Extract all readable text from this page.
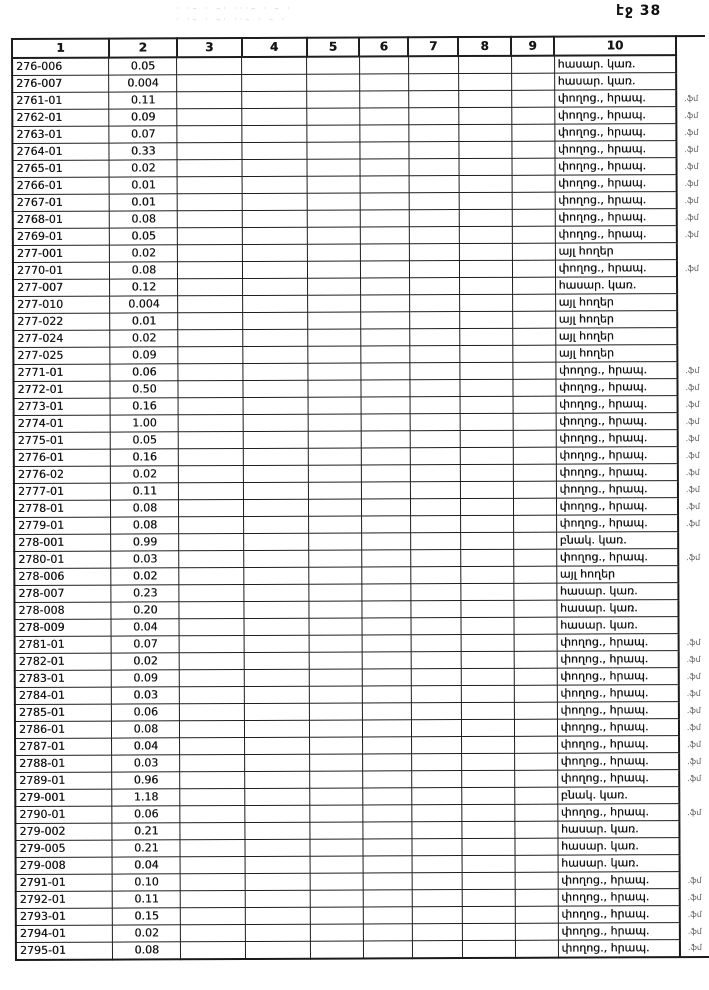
· ·– · –· ···– · – ·
· ·– · –· ··– · – ·
էջ 38
1	2	3	4	5	6	7	8	9	10	
276-006	0.05								հասար. կառ.	
276-007	0.004								հասար. կառ.	
2761-01	0.11								փողոց., հրապ.	.ֆմ
2762-01	0.09								փողոց., հրապ.	.ֆմ
2763-01	0.07								փողոց., հրապ.	.ֆմ
2764-01	0.33								փողոց., հրապ.	.ֆմ
2765-01	0.02								փողոց., հրապ.	.ֆմ
2766-01	0.01								փողոց., հրապ.	.ֆմ
2767-01	0.01								փողոց., հրապ.	.ֆմ
2768-01	0.08								փողոց., հրապ.	.ֆմ
2769-01	0.05								փողոց., հրապ.	.ֆմ
277-001	0.02								այլ հողեր	
2770-01	0.08								փողոց., հրապ.	.ֆմ
277-007	0.12								հասար. կառ.	
277-010	0.004								այլ հողեր	
277-022	0.01								այլ հողեր	
277-024	0.02								այլ հողեր	
277-025	0.09								այլ հողեր	
2771-01	0.06								փողոց., հրապ.	.ֆմ
2772-01	0.50								փողոց., հրապ.	.ֆմ
2773-01	0.16								փողոց., հրապ.	.ֆմ
2774-01	1.00								փողոց., հրապ.	.ֆմ
2775-01	0.05								փողոց., հրապ.	.ֆմ
2776-01	0.16								փողոց., հրապ.	.ֆմ
2776-02	0.02								փողոց., հրապ.	.ֆմ
2777-01	0.11								փողոց., հրապ.	.ֆմ
2778-01	0.08								փողոց., հրապ.	.ֆմ
2779-01	0.08								փողոց., հրապ.	.ֆմ
278-001	0.99								բնակ. կառ.	
2780-01	0.03								փողոց., հրապ.	.ֆմ
278-006	0.02								այլ հողեր	
278-007	0.23								հասար. կառ.	
278-008	0.20								հասար. կառ.	
278-009	0.04								հասար. կառ.	
2781-01	0.07								փողոց., հրապ.	.ֆմ
2782-01	0.02								փողոց., հրապ.	.ֆմ
2783-01	0.09								փողոց., հրապ.	.ֆմ
2784-01	0.03								փողոց., հրապ.	.ֆմ
2785-01	0.06								փողոց., հրապ.	.ֆմ
2786-01	0.08								փողոց., հրապ.	.ֆմ
2787-01	0.04								փողոց., հրապ.	.ֆմ
2788-01	0.03								փողոց., հրապ.	.ֆմ
2789-01	0.96								փողոց., հրապ.	.ֆմ
279-001	1.18								բնակ. կառ.	
2790-01	0.06								փողոց., հրապ.	.ֆմ
279-002	0.21								հասար. կառ.	
279-005	0.21								հասար. կառ.	
279-008	0.04								հասար. կառ.	
2791-01	0.10								փողոց., հրապ.	.ֆմ
2792-01	0.11								փողոց., հրապ.	.ֆմ
2793-01	0.15								փողոց., հրապ.	.ֆմ
2794-01	0.02								փողոց., հրապ.	.ֆմ
2795-01	0.08								փողոց., հրապ.	.ֆմ
